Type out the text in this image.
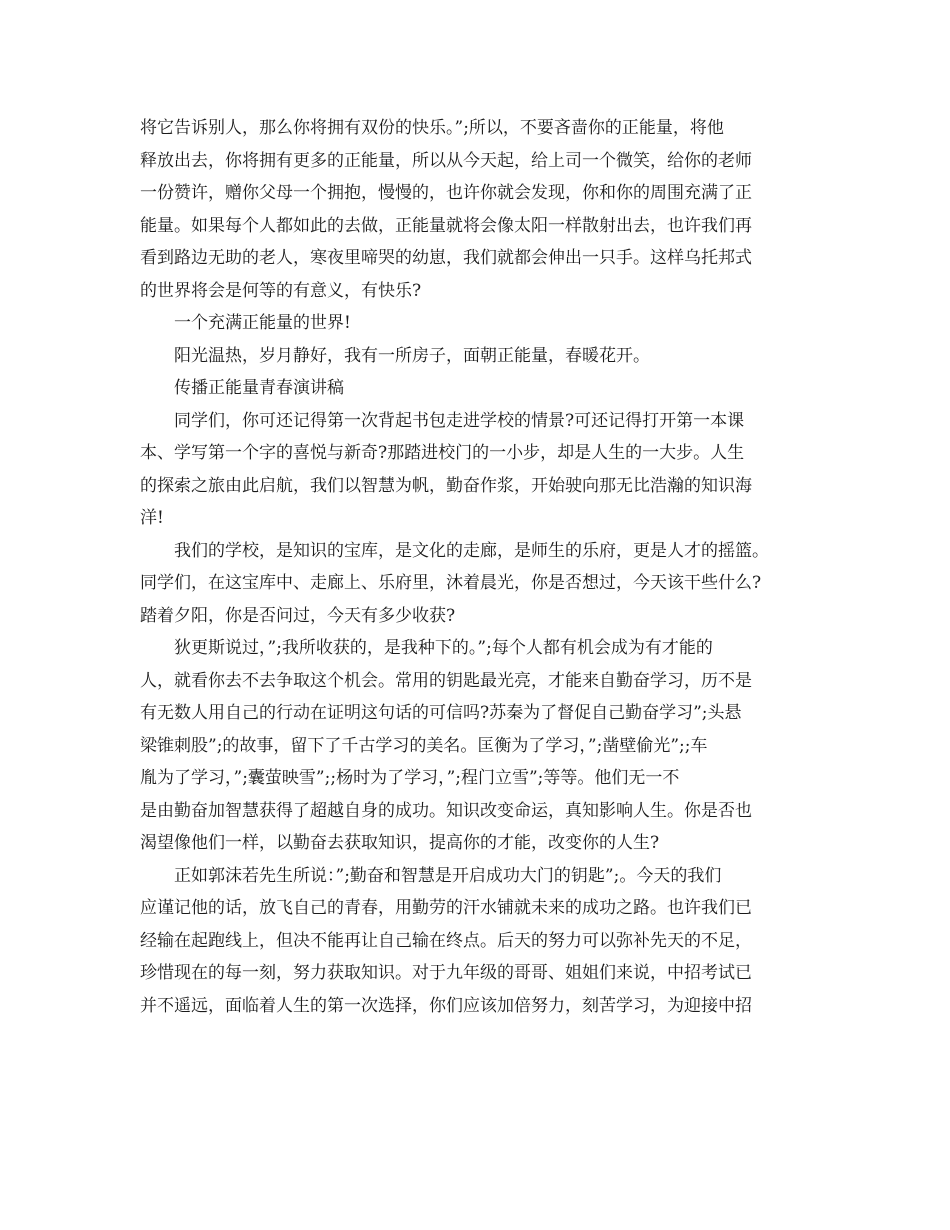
将它告诉别人，那么你将拥有双份的快乐。”;所以，不要吝啬你的正能量，将他
释放出去，你将拥有更多的正能量，所以从今天起，给上司一个微笑，给你的老师
一份赞许，赠你父母一个拥抱，慢慢的，也许你就会发现，你和你的周围充满了正
能量。如果每个人都如此的去做，正能量就将会像太阳一样散射出去，也许我们再
看到路边无助的老人，寒夜里啼哭的幼崽，我们就都会伸出一只手。这样乌托邦式
的世界将会是何等的有意义，有快乐?
一个充满正能量的世界!
阳光温热，岁月静好，我有一所房子，面朝正能量，春暖花开。
传播正能量青春演讲稿
同学们，你可还记得第一次背起书包走进学校的情景?可还记得打开第一本课
本、学写第一个字的喜悦与新奇?那踏进校门的一小步，却是人生的一大步。人生
的探索之旅由此启航，我们以智慧为帆，勤奋作浆，开始驶向那无比浩瀚的知识海
洋!
我们的学校，是知识的宝库，是文化的走廊，是师生的乐府，更是人才的摇篮。
同学们，在这宝库中、走廊上、乐府里，沐着晨光，你是否想过，今天该干些什么?
踏着夕阳，你是否问过，今天有多少收获?
狄更斯说过，”;我所收获的，是我种下的。”;每个人都有机会成为有才能的
人，就看你去不去争取这个机会。常用的钥匙最光亮，才能来自勤奋学习，历不是
有无数人用自己的行动在证明这句话的可信吗?苏秦为了督促自己勤奋学习”;头悬
梁锥刺股”;的故事，留下了千古学习的美名。匡衡为了学习，”;凿壁偷光”;;车
胤为了学习，”;囊萤映雪”;;杨时为了学习，”;程门立雪”;等等。他们无一不
是由勤奋加智慧获得了超越自身的成功。知识改变命运，真知影响人生。你是否也
渴望像他们一样，以勤奋去获取知识，提高你的才能，改变你的人生?
正如郭沫若先生所说：”;勤奋和智慧是开启成功大门的钥匙”;。今天的我们
应谨记他的话，放飞自己的青春，用勤劳的汗水铺就未来的成功之路。也许我们已
经输在起跑线上，但决不能再让自己输在终点。后天的努力可以弥补先天的不足，
珍惜现在的每一刻，努力获取知识。对于九年级的哥哥、姐姐们来说，中招考试已
并不遥远，面临着人生的第一次选择，你们应该加倍努力，刻苦学习，为迎接中招
